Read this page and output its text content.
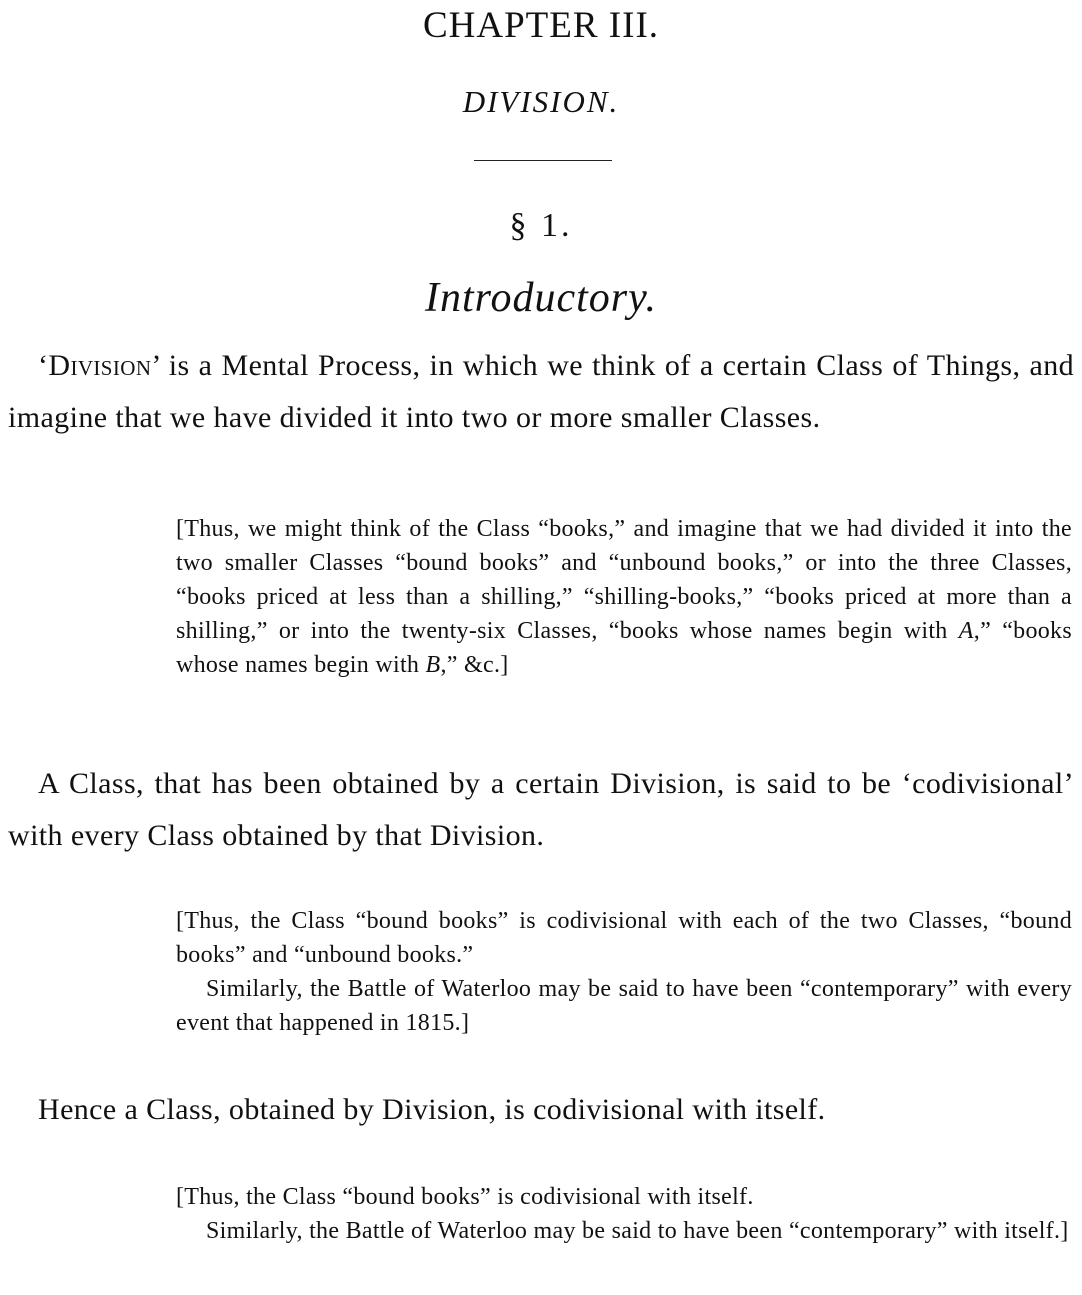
CHAPTER III.
DIVISION.
§ 1.
Introductory.

‘Division’ is a Mental Process, in which we think of a certain Class of Things, and imagine that we have divided it into two or more smaller Classes.

[Thus, we might think of the Class “books,” and imagine that we had divided it into the two smaller Classes “bound books” and “unbound books,” or into the three Classes, “books priced at less than a shilling,” “shilling-books,” “books priced at more than a shilling,” or into the twenty-six Classes, “books whose names begin with A,” “books whose names begin with B,” &c.]

A Class, that has been obtained by a certain Division, is said to be ‘codivisional’ with every Class obtained by that Division.

[Thus, the Class “bound books” is codivisional with each of the two Classes, “bound books” and “unbound books.”
Similarly, the Battle of Waterloo may be said to have been “contemporary” with every event that happened in 1815.]

Hence a Class, obtained by Division, is codivisional with itself.

[Thus, the Class “bound books” is codivisional with itself.
Similarly, the Battle of Waterloo may be said to have been “contemporary” with itself.]
